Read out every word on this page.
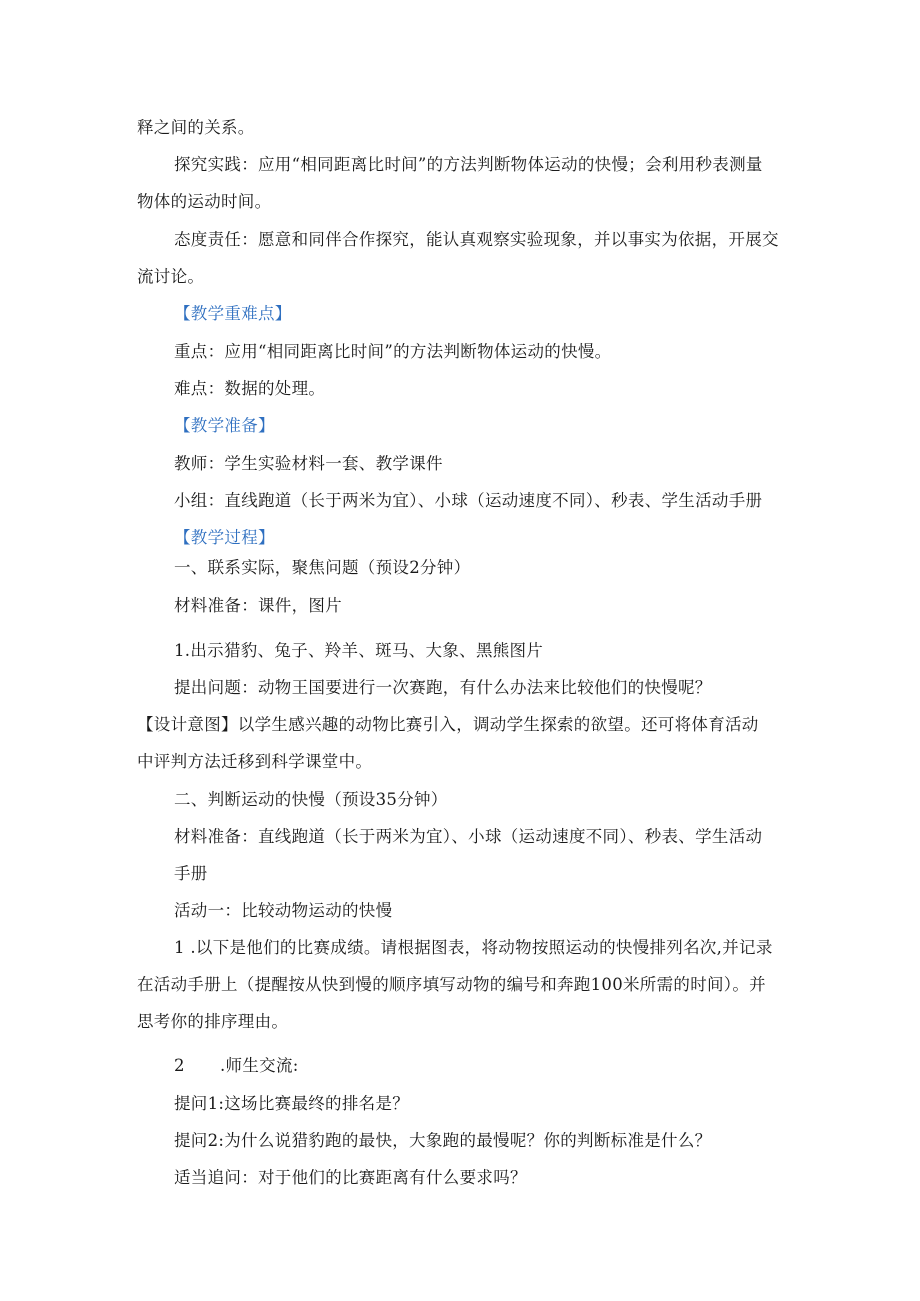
释之间的关系。
探究实践：应用“相同距离比时间”的方法判断物体运动的快慢；会利用秒表测量
物体的运动时间。
态度责任：愿意和同伴合作探究，能认真观察实验现象，并以事实为依据，开展交
流讨论。
【教学重难点】
重点：应用“相同距离比时间”的方法判断物体运动的快慢。
难点：数据的处理。
【教学准备】
教师：学生实验材料一套、教学课件
小组：直线跑道（长于两米为宜）、小球（运动速度不同）、秒表、学生活动手册
【教学过程】
一、联系实际，聚焦问题（预设2分钟）
材料准备：课件，图片
1.出示猎豹、兔子、羚羊、斑马、大象、黑熊图片
提出问题：动物王国要进行一次赛跑，有什么办法来比较他们的快慢呢？
【设计意图】以学生感兴趣的动物比赛引入，调动学生探索的欲望。还可将体育活动
中评判方法迁移到科学课堂中。
二、判断运动的快慢（预设35分钟）
材料准备：直线跑道（长于两米为宜）、小球（运动速度不同）、秒表、学生活动
手册
活动一：比较动物运动的快慢
1 .以下是他们的比赛成绩。请根据图表，将动物按照运动的快慢排列名次,并记录
在活动手册上（提醒按从快到慢的顺序填写动物的编号和奔跑100米所需的时间）。并
思考你的排序理由。
2 .师生交流:
提问1:这场比赛最终的排名是？
提问2:为什么说猎豹跑的最快，大象跑的最慢呢？你的判断标准是什么？
适当追问：对于他们的比赛距离有什么要求吗？
